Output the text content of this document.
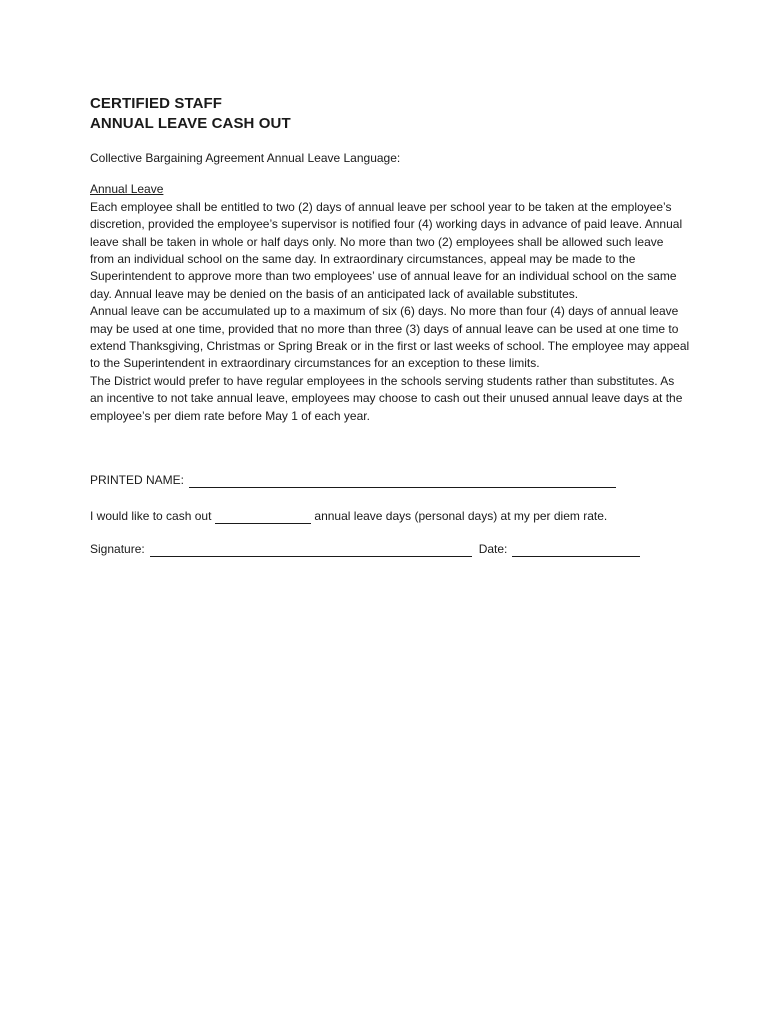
CERTIFIED STAFF
ANNUAL LEAVE CASH OUT
Collective Bargaining Agreement Annual Leave Language:
Annual Leave

Each employee shall be entitled to two (2) days of annual leave per school year to be taken at the employee’s discretion, provided the employee’s supervisor is notified four (4) working days in advance of paid leave. Annual leave shall be taken in whole or half days only. No more than two (2) employees shall be allowed such leave from an individual school on the same day. In extraordinary circumstances, appeal may be made to the Superintendent to approve more than two employees’ use of annual leave for an individual school on the same day. Annual leave may be denied on the basis of an anticipated lack of available substitutes.

Annual leave can be accumulated up to a maximum of six (6) days. No more than four (4) days of annual leave may be used at one time, provided that no more than three (3) days of annual leave can be used at one time to extend Thanksgiving, Christmas or Spring Break or in the first or last weeks of school. The employee may appeal to the Superintendent in extraordinary circumstances for an exception to these limits.

The District would prefer to have regular employees in the schools serving students rather than substitutes. As an incentive to not take annual leave, employees may choose to cash out their unused annual leave days at the employee’s per diem rate before May 1 of each year.

PRINTED NAME:
I would like to cash out	annual leave days (personal days) at my per diem rate.
Signature:	Date:
